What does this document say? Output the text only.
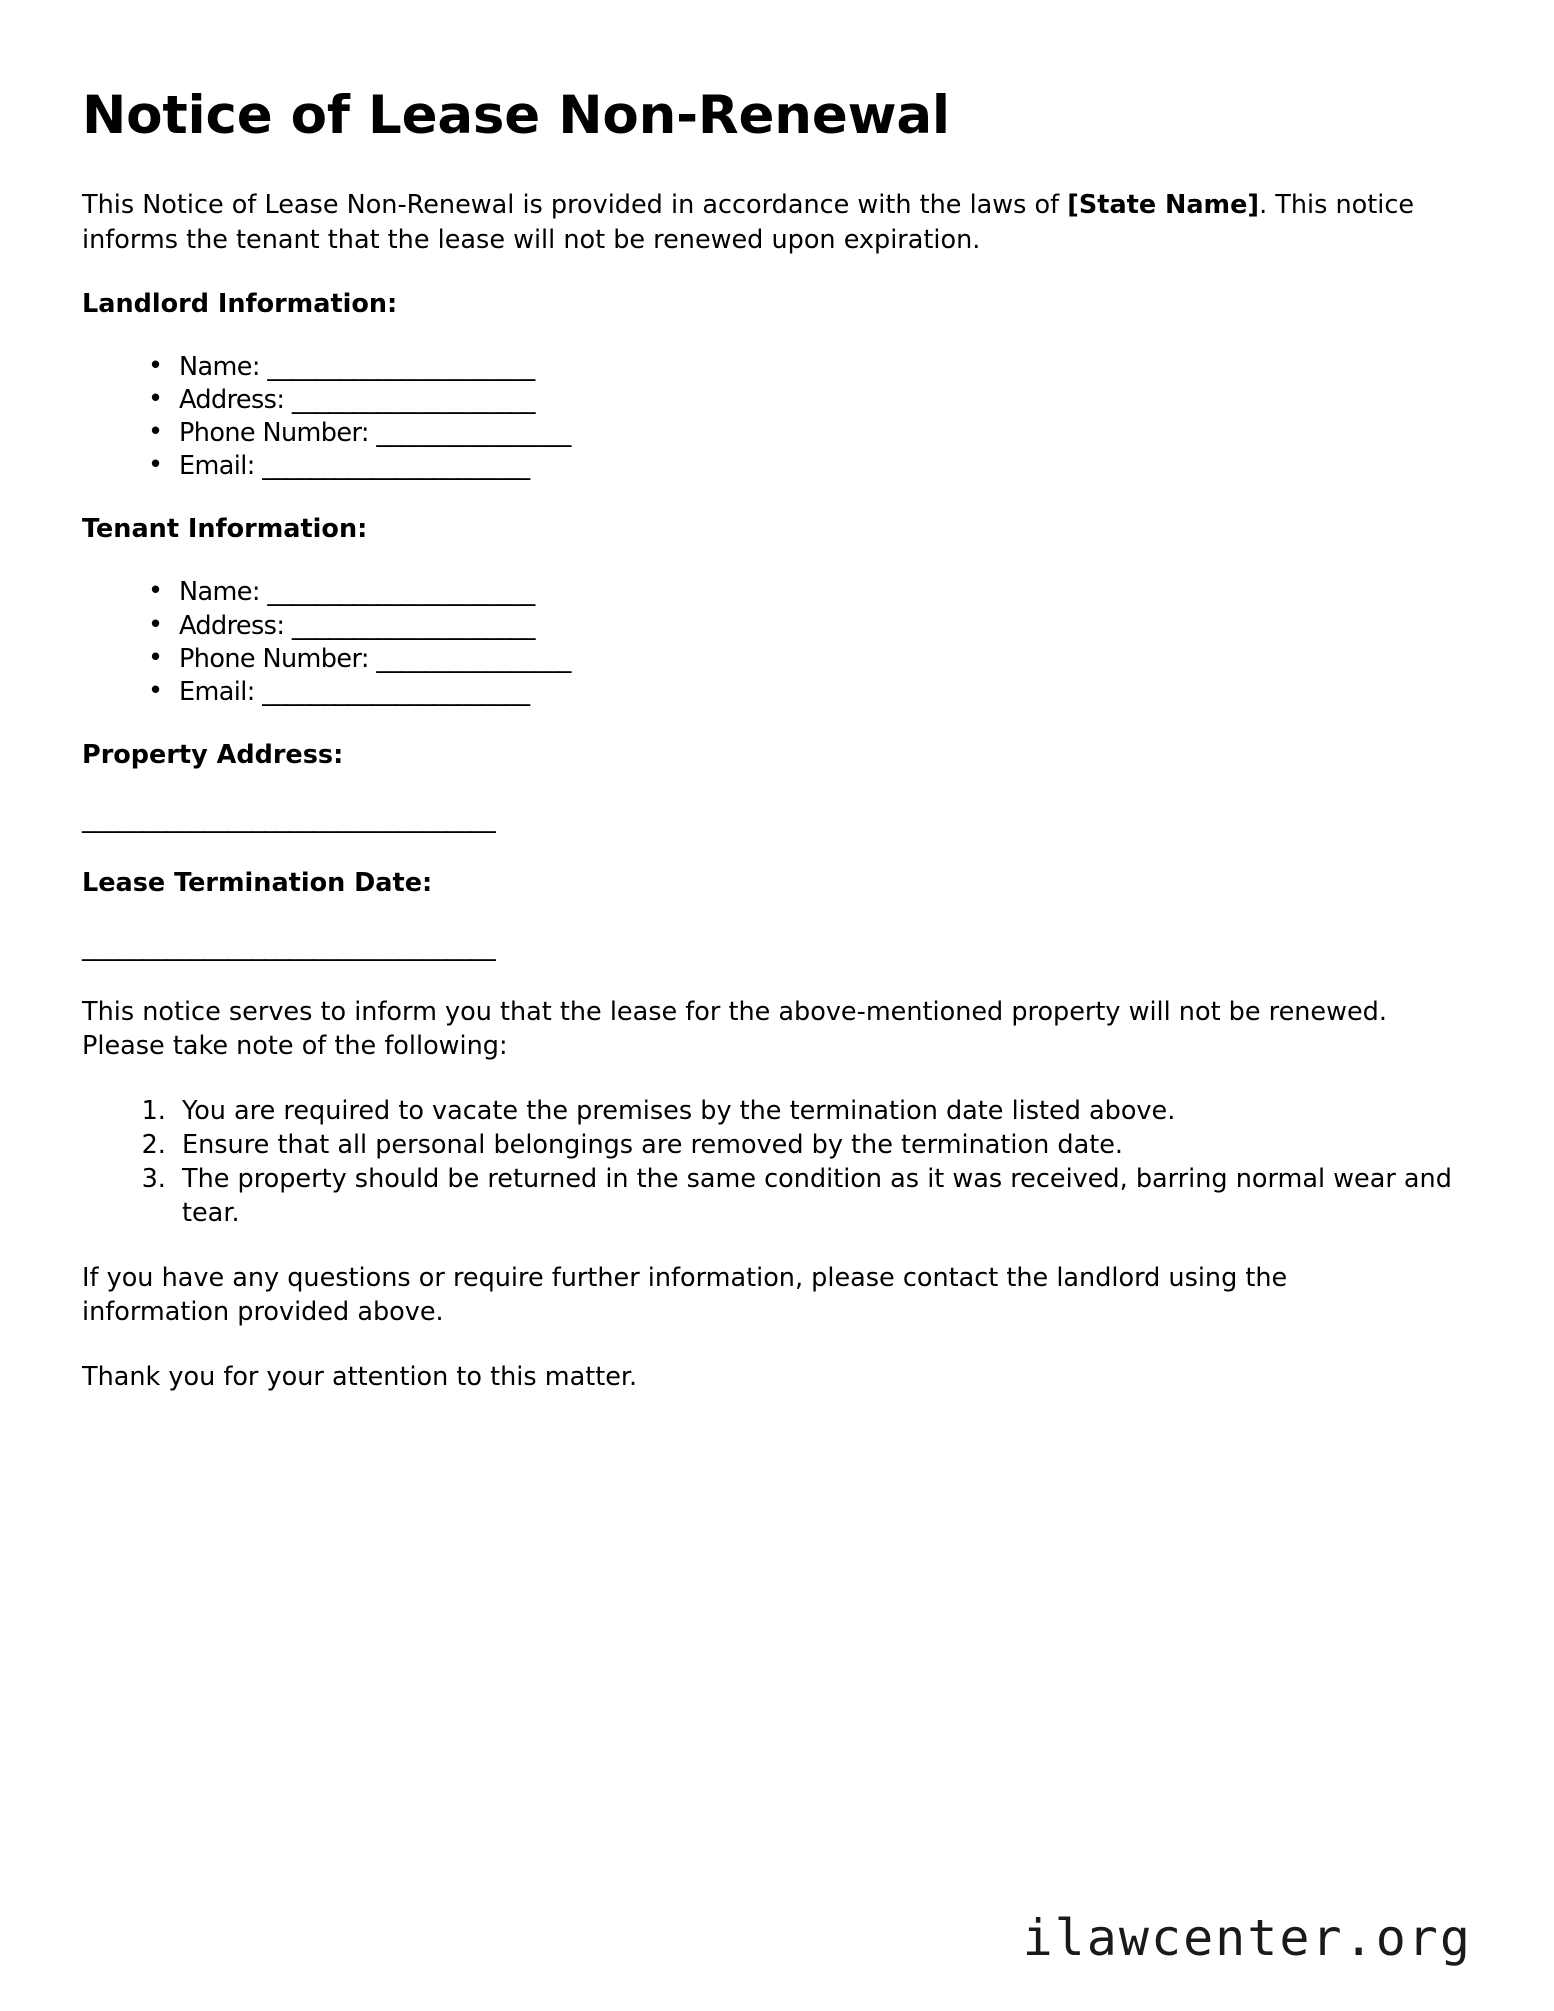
Notice of Lease Non-Renewal

This Notice of Lease Non-Renewal is provided in accordance with the laws of [State Name]. This notice informs the tenant that the lease will not be renewed upon expiration.

Landlord Information:
• Name: ______________________
• Address: ____________________
• Phone Number: ________________
• Email: ______________________
Tenant Information:
• Name: ______________________
• Address: ____________________
• Phone Number: ________________
• Email: ______________________
Property Address:
__________________________________
Lease Termination Date:
__________________________________

This notice serves to inform you that the lease for the above-mentioned property will not be renewed. Please take note of the following:

1. You are required to vacate the premises by the termination date listed above.
2. Ensure that all personal belongings are removed by the termination date.
3. The property should be returned in the same condition as it was received, barring normal wear and tear.

If you have any questions or require further information, please contact the landlord using the information provided above.

Thank you for your attention to this matter.

ilawcenter.org
